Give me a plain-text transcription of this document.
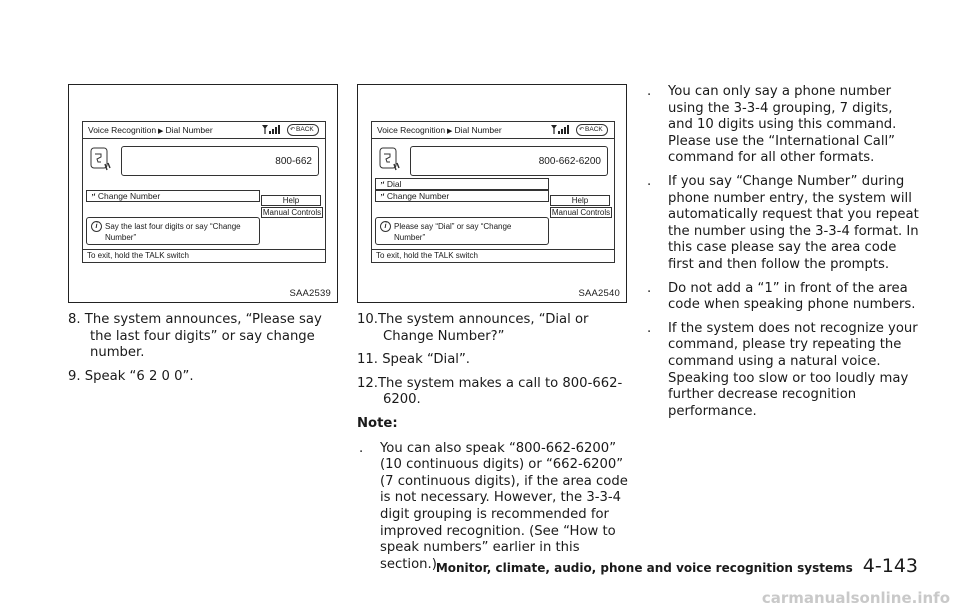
Voice Recognition ▶ Dial Number	↶BACK
800-662
ʼꞌ Change Number	Help
Manual Controls
i Say the last four digits or say “Change Number”
To exit, hold the TALK switch
SAA2539
Voice Recognition ▶ Dial Number	↶BACK
800-662-6200
ʼꞌ Dial
ʼꞌ Change Number	Help
Manual Controls
i Please say “Dial” or say “Change Number”
To exit, hold the TALK switch
SAA2540
8. The system announces, “Please say the last four digits” or say change number.
9. Speak “6 2 0 0”.
10.The system announces, “Dial or Change Number?”
11. Speak “Dial”.
12.The system makes a call to 800-662-6200.
Note:
. You can also speak “800-662-6200” (10 continuous digits) or “662-6200” (7 continuous digits), if the area code is not necessary. However, the 3-3-4 digit grouping is recommended for improved recognition. (See “How to speak numbers” earlier in this section.)
. You can only say a phone number using the 3-3-4 grouping, 7 digits, and 10 digits using this command. Please use the “International Call” command for all other formats.
. If you say “Change Number” during phone number entry, the system will automatically request that you repeat the number using the 3-3-4 format. In this case please say the area code first and then follow the prompts.
. Do not add a “1” in front of the area code when speaking phone numbers.
. If the system does not recognize your command, please try repeating the command using a natural voice. Speaking too slow or too loudly may further decrease recognition performance.
Monitor, climate, audio, phone and voice recognition systems 4-143
carmanualsonline.info
